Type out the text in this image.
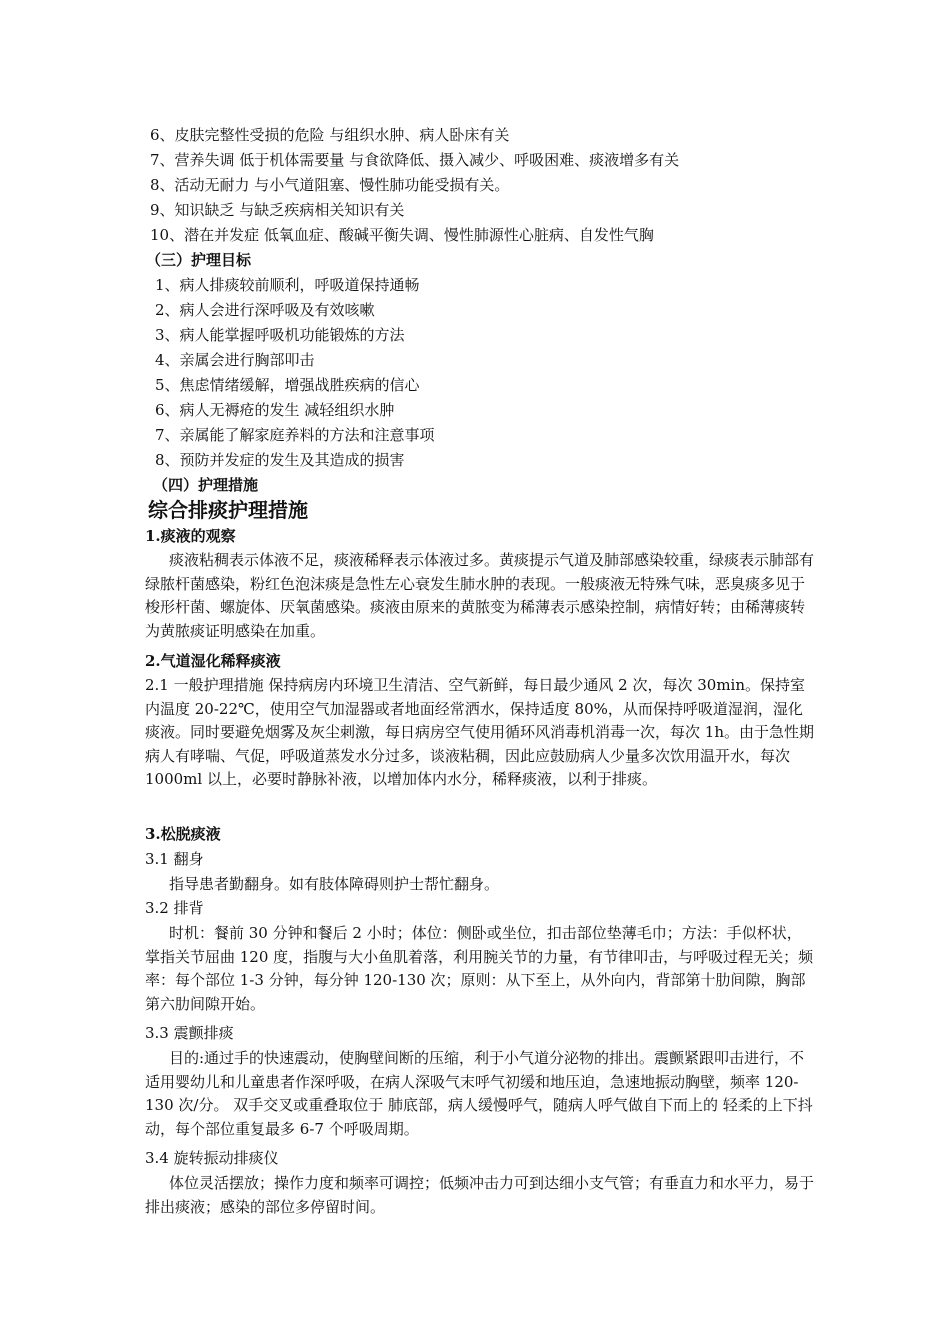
6、皮肤完整性受损的危险 与组织水肿、病人卧床有关
7、营养失调 低于机体需要量 与食欲降低、摄入减少、呼吸困难、痰液增多有关
8、活动无耐力 与小气道阻塞、慢性肺功能受损有关。
9、知识缺乏 与缺乏疾病相关知识有关
10、潜在并发症 低氧血症、酸碱平衡失调、慢性肺源性心脏病、自发性气胸
（三）护理目标
1、病人排痰较前顺利，呼吸道保持通畅
2、病人会进行深呼吸及有效咳嗽
3、病人能掌握呼吸机功能锻炼的方法
4、亲属会进行胸部叩击
5、焦虑情绪缓解，增强战胜疾病的信心
6、病人无褥疮的发生 减轻组织水肿
7、亲属能了解家庭养料的方法和注意事项
8、预防并发症的发生及其造成的损害
（四）护理措施
综合排痰护理措施
1.痰液的观察
痰液粘稠表示体液不足，痰液稀释表示体液过多。黄痰提示气道及肺部感染较重，绿痰表示肺部有绿脓杆菌感染，粉红色泡沫痰是急性左心衰发生肺水肿的表现。一般痰液无特殊气味，恶臭痰多见于梭形杆菌、螺旋体、厌氧菌感染。痰液由原来的黄脓变为稀薄表示感染控制，病情好转；由稀薄痰转为黄脓痰证明感染在加重。
2.气道湿化稀释痰液
2.1 一般护理措施 保持病房内环境卫生清洁、空气新鲜，每日最少通风 2 次，每次 30min。保持室内温度 20-22℃，使用空气加湿器或者地面经常洒水，保持适度 80%，从而保持呼吸道湿润，湿化痰液。同时要避免烟雾及灰尘刺激，每日病房空气使用循环风消毒机消毒一次，每次 1h。由于急性期病人有哮喘、气促，呼吸道蒸发水分过多，谈液粘稠，因此应鼓励病人少量多次饮用温开水，每次 1000ml 以上，必要时静脉补液，以增加体内水分，稀释痰液，以利于排痰。
3.松脱痰液
3.1 翻身
指导患者勤翻身。如有肢体障碍则护士帮忙翻身。
3.2 排背
时机：餐前 30 分钟和餐后 2 小时；体位：侧卧或坐位，扣击部位垫薄毛巾；方法：手似杯状，掌指关节屈曲 120 度，指腹与大小鱼肌着落，利用腕关节的力量，有节律叩击，与呼吸过程无关；频率：每个部位 1-3 分钟，每分钟 120-130 次；原则：从下至上，从外向内，背部第十肋间隙，胸部第六肋间隙开始。
3.3 震颤排痰
目的:通过手的快速震动，使胸壁间断的压缩，利于小气道分泌物的排出。震颤紧跟叩击进行，不适用婴幼儿和儿童患者作深呼吸，在病人深吸气末呼气初缓和地压迫，急速地振动胸壁，频率 120-130 次/分。 双手交叉或重叠取位于 肺底部，病人缓慢呼气，随病人呼气做自下而上的 轻柔的上下抖动，每个部位重复最多 6-7 个呼吸周期。
3.4 旋转振动排痰仪
体位灵活摆放；操作力度和频率可调控；低频冲击力可到达细小支气管；有垂直力和水平力，易于排出痰液；感染的部位多停留时间。
